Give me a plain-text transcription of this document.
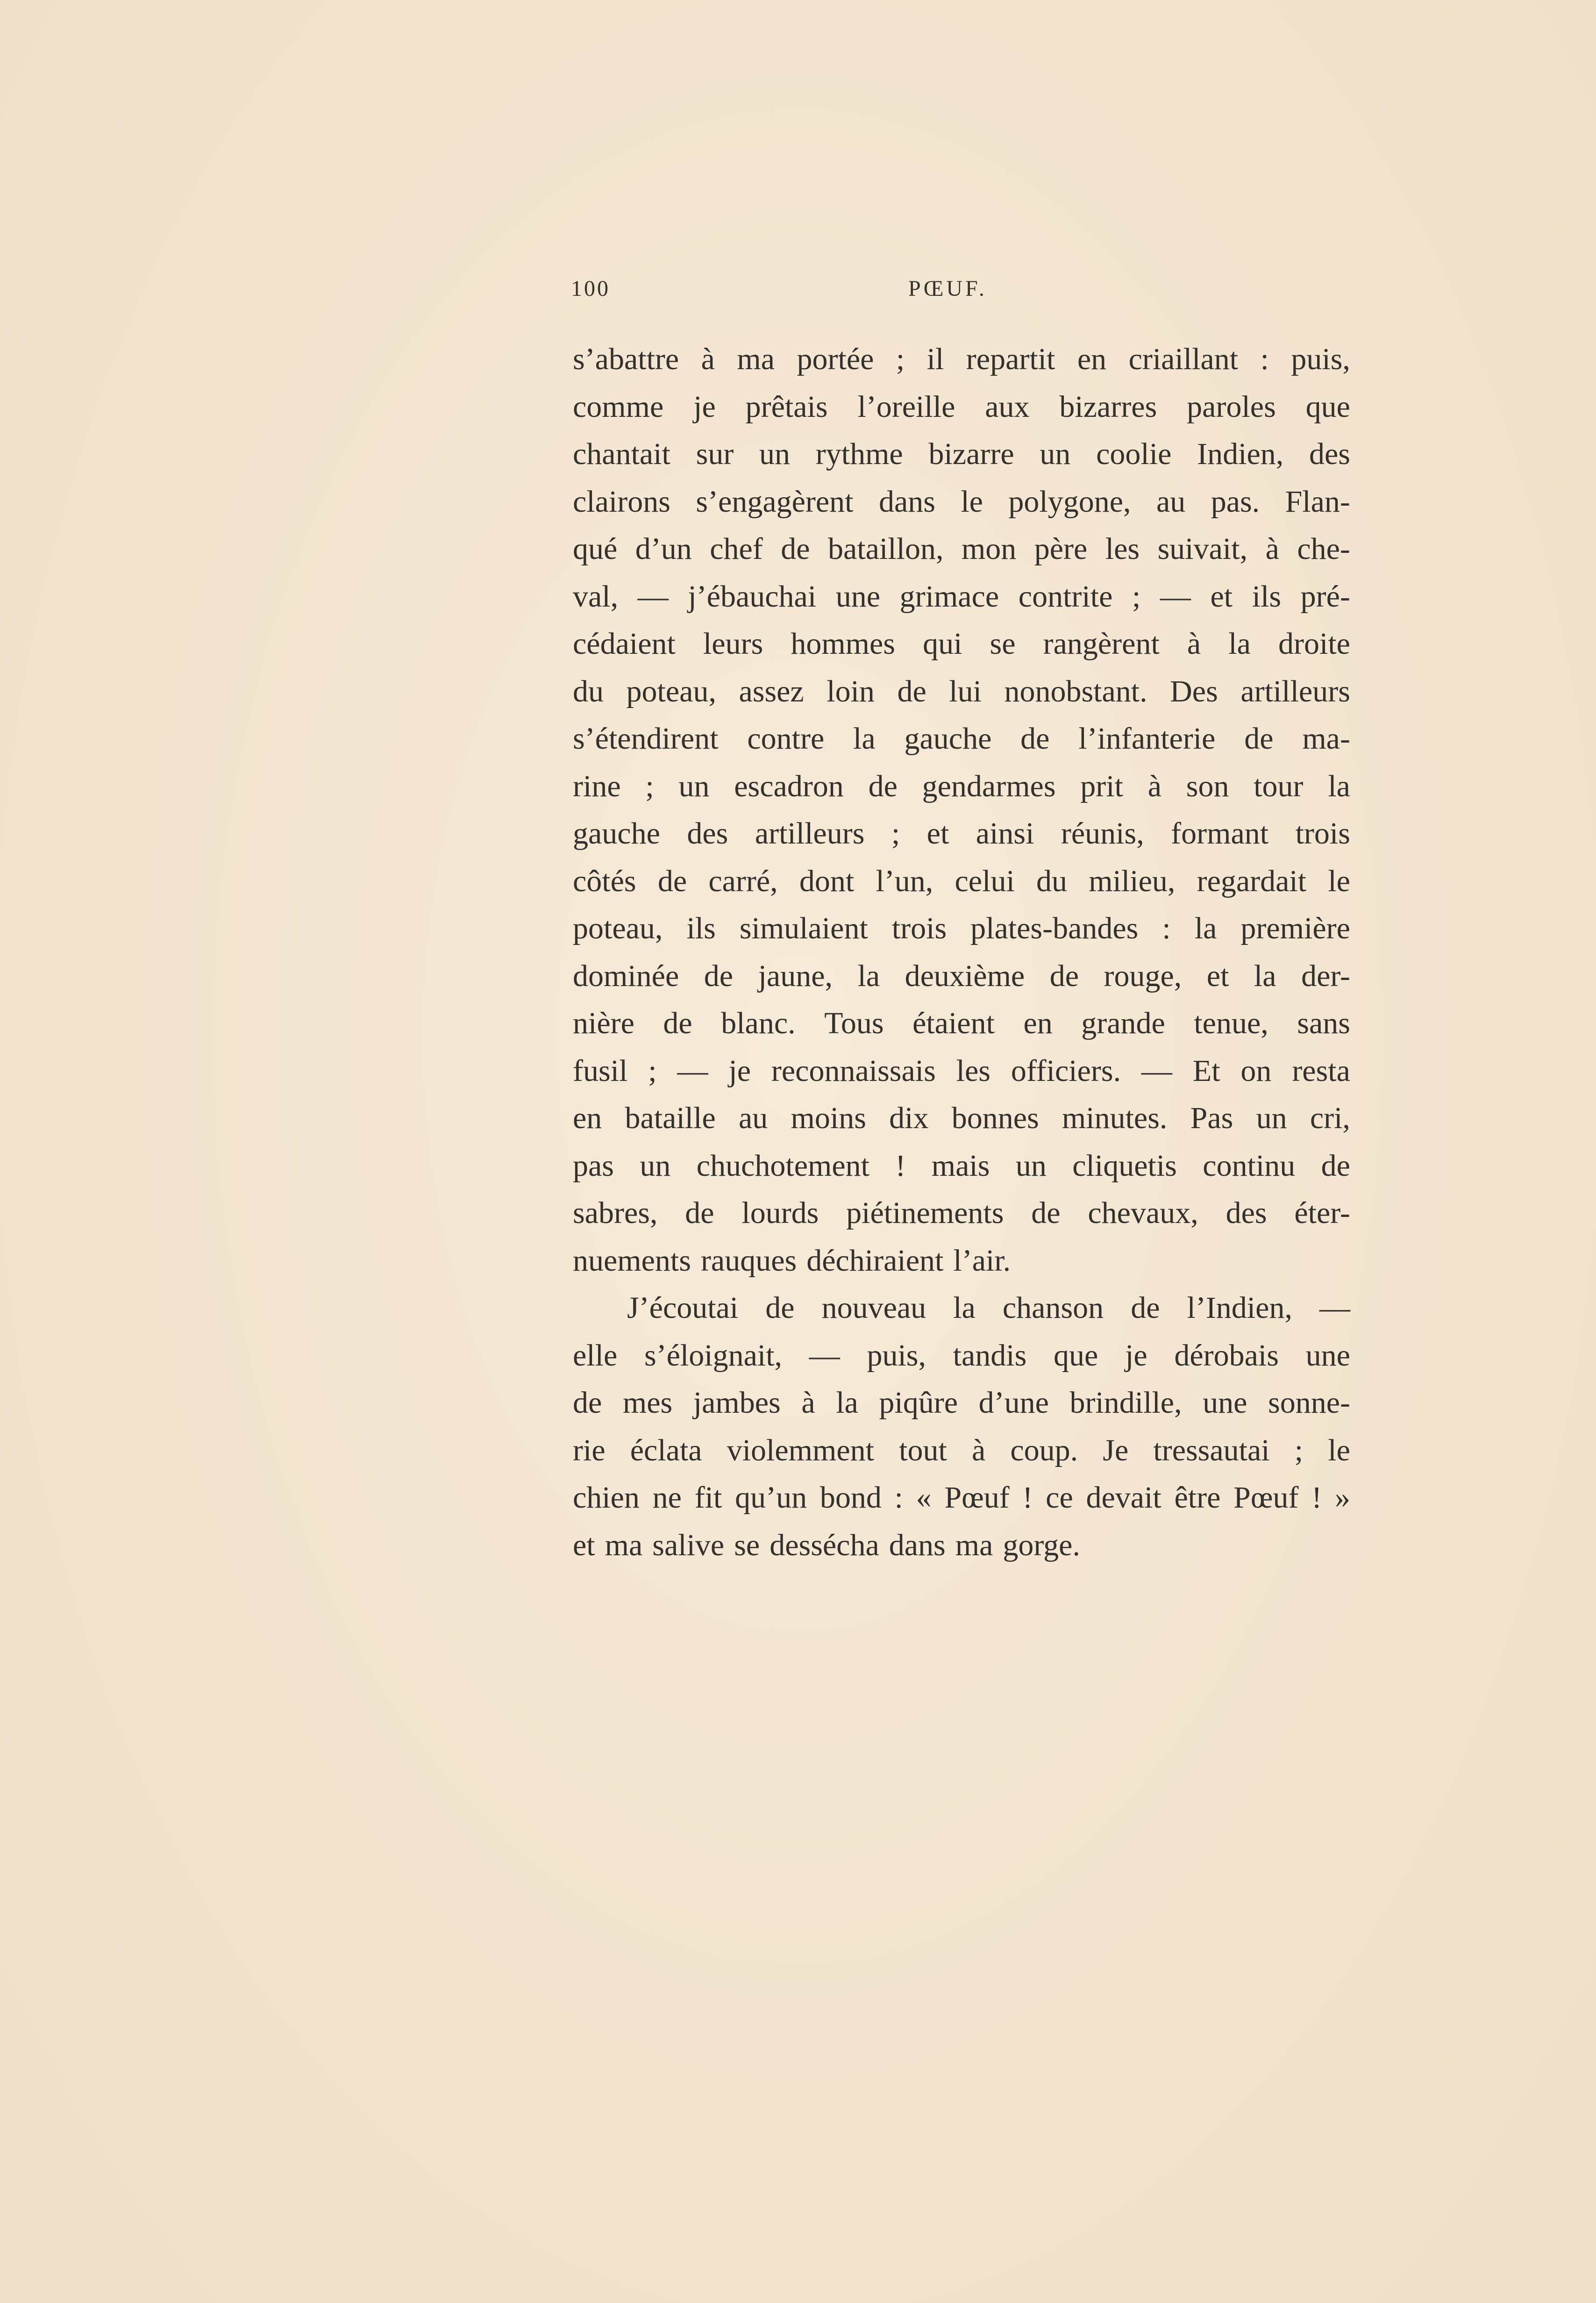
100	PŒUF.
s’abattre à ma portée ; il repartit en criaillant : puis,
comme je prêtais l’oreille aux bizarres paroles que
chantait sur un rythme bizarre un coolie Indien, des
clairons s’engagèrent dans le polygone, au pas. Flan-
qué d’un chef de bataillon, mon père les suivait, à che-
val, — j’ébauchai une grimace contrite ; — et ils pré-
cédaient leurs hommes qui se rangèrent à la droite
du poteau, assez loin de lui nonobstant. Des artilleurs
s’étendirent contre la gauche de l’infanterie de ma-
rine ; un escadron de gendarmes prit à son tour la
gauche des artilleurs ; et ainsi réunis, formant trois
côtés de carré, dont l’un, celui du milieu, regardait le
poteau, ils simulaient trois plates-bandes : la première
dominée de jaune, la deuxième de rouge, et la der-
nière de blanc. Tous étaient en grande tenue, sans
fusil ; — je reconnaissais les officiers. — Et on resta
en bataille au moins dix bonnes minutes. Pas un cri,
pas un chuchotement ! mais un cliquetis continu de
sabres, de lourds piétinements de chevaux, des éter-
nuements rauques déchiraient l’air.
J’écoutai de nouveau la chanson de l’Indien, —
elle s’éloignait, — puis, tandis que je dérobais une
de mes jambes à la piqûre d’une brindille, une sonne-
rie éclata violemment tout à coup. Je tressautai ; le
chien ne fit qu’un bond : « Pœuf ! ce devait être Pœuf ! »
et ma salive se dessécha dans ma gorge.
